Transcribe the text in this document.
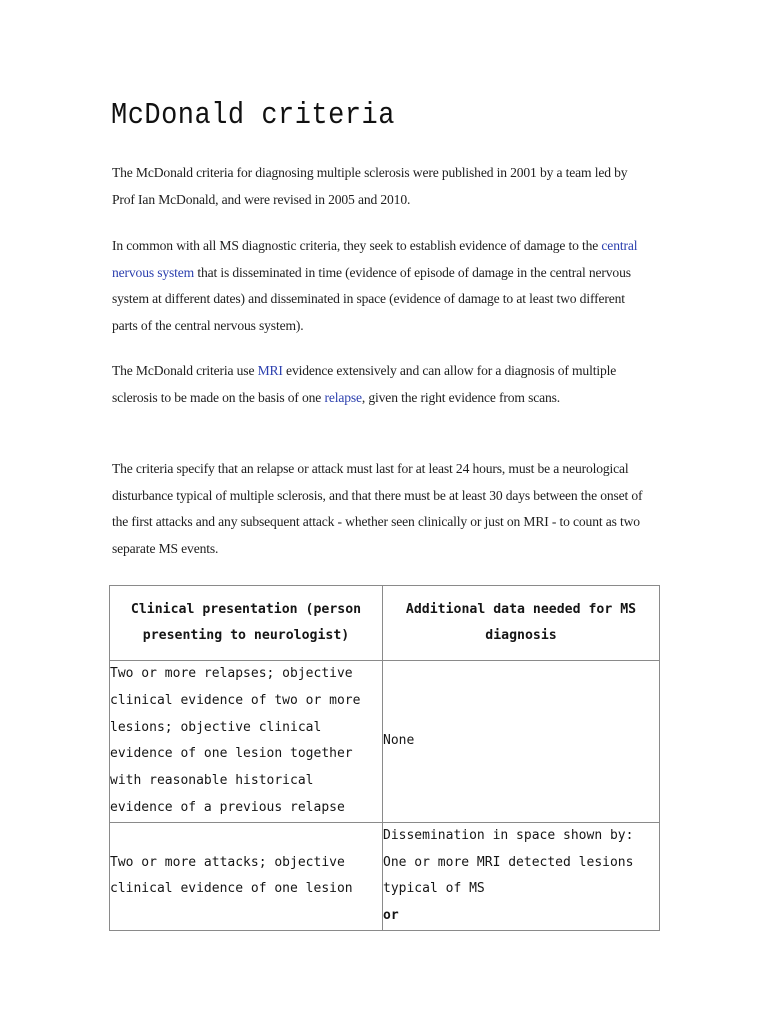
McDonald criteria

The McDonald criteria for diagnosing multiple sclerosis were published in 2001 by a team led by Prof Ian McDonald, and were revised in 2005 and 2010.

In common with all MS diagnostic criteria, they seek to establish evidence of damage to the central nervous system that is disseminated in time (evidence of episode of damage in the central nervous system at different dates) and disseminated in space (evidence of damage to at least two different parts of the central nervous system).

The McDonald criteria use MRI evidence extensively and can allow for a diagnosis of multiple sclerosis to be made on the basis of one relapse, given the right evidence from scans.

The criteria specify that an relapse or attack must last for at least 24 hours, must be a neurological disturbance typical of multiple sclerosis, and that there must be at least 30 days between the onset of the first attacks and any subsequent attack - whether seen clinically or just on MRI - to count as two separate MS events.

Clinical presentation (person presenting to neurologist)	Additional data needed for MS diagnosis
Two or more relapses; objective clinical evidence of two or more lesions; objective clinical evidence of one lesion together with reasonable historical evidence of a previous relapse	None
Two or more attacks; objective clinical evidence of one lesion	Dissemination in space shown by: One or more MRI detected lesions typical of MS
or
